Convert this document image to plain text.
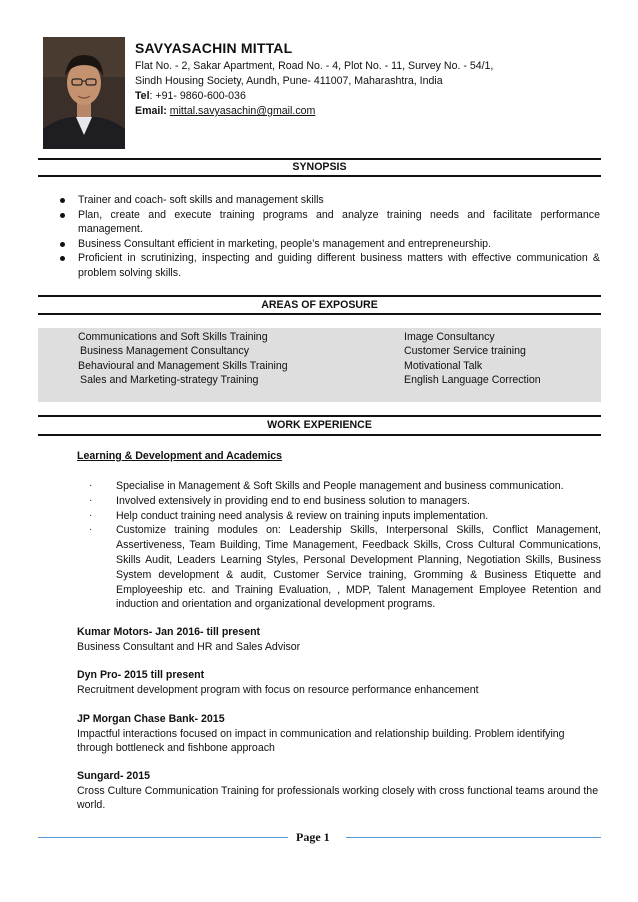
SAVYASACHIN MITTAL
Flat No. - 2, Sakar Apartment, Road No. - 4, Plot No. - 11, Survey No. - 54/1,
Sindh Housing Society, Aundh, Pune- 411007, Maharashtra, India
Tel: +91- 9860-600-036
Email: mittal.savyasachin@gmail.com
SYNOPSIS
Trainer and coach- soft skills and management skills
Plan, create and execute training programs and analyze training needs and facilitate performance management.
Business Consultant efficient in marketing, people’s management and entrepreneurship.
Proficient in scrutinizing, inspecting and guiding different business matters with effective communication & problem solving skills.
AREAS OF EXPOSURE
Communications and Soft Skills Training
Business Management Consultancy
Behavioural and Management Skills Training
Sales and Marketing-strategy Training
Image Consultancy
Customer Service training
Motivational Talk
English Language Correction
WORK EXPERIENCE
Learning & Development and Academics
· Specialise in Management & Soft Skills and People management and business communication.
· Involved extensively in providing end to end business solution to managers.
· Help conduct training need analysis & review on training inputs implementation.
· Customize training modules on: Leadership Skills, Interpersonal Skills, Conflict Management, Assertiveness, Team Building, Time Management, Feedback Skills, Cross Cultural Communications, Skills Audit, Leaders Learning Styles, Personal Development Planning, Negotiation Skills, Business System development & audit, Customer Service training, Gromming & Business Etiquette and Employeeship etc. and Training Evaluation, , MDP, Talent Management Employee Retention and induction and orientation and organizational development programs.
Kumar Motors- Jan 2016- till present
Business Consultant and HR and Sales Advisor
Dyn Pro- 2015 till present
Recruitment development program with focus on resource performance enhancement
JP Morgan Chase Bank- 2015
Impactful interactions focused on impact in communication and relationship building. Problem identifying through bottleneck and fishbone approach
Sungard- 2015
Cross Culture Communication Training for professionals working closely with cross functional teams around the world.
Page 1
